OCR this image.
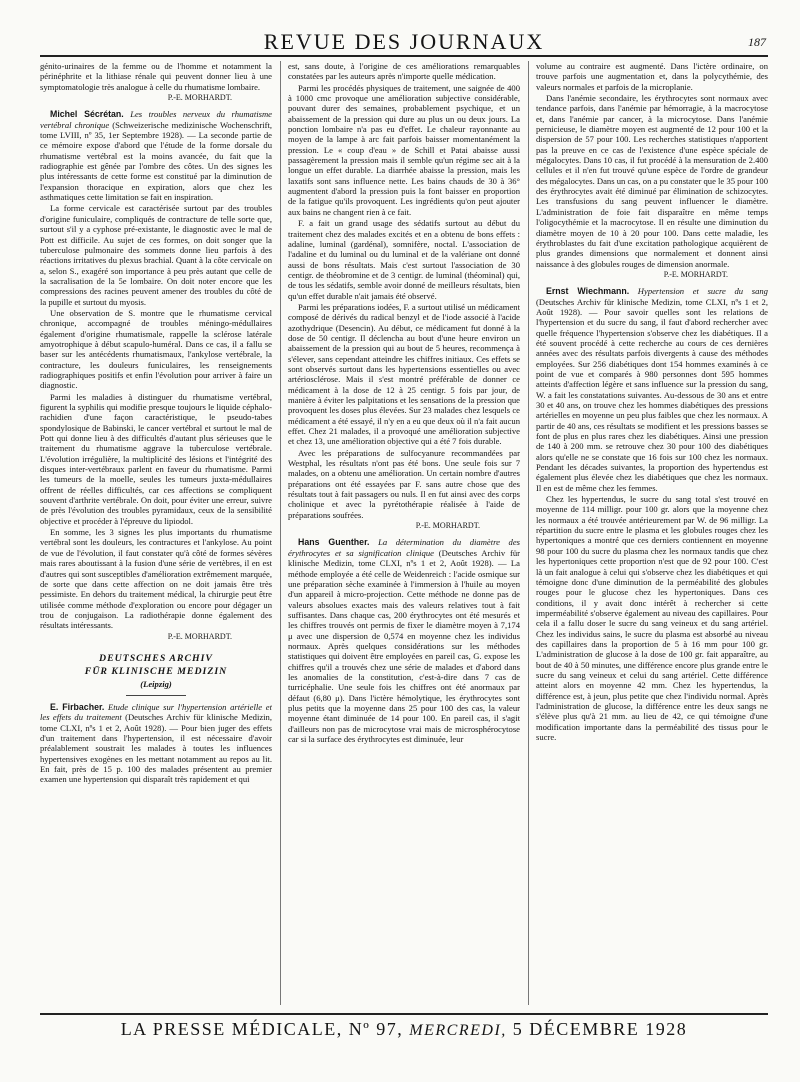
REVUE DES JOURNAUX	187

génito-urinaires de la femme ou de l'homme et notamment la périnéphrite et la lithiase rénale qui peuvent donner lieu à une symptomatologie très analogue à celle du rhumatisme lombaire.

P.-E. MORHARDT.

Michel Sécrétan. Les troubles nerveux du rhumatisme vertébral chronique (Schweizerische medizinische Wochenschrift, tome LVIII, nº 35, 1er Septembre 1928). — La seconde partie de ce mémoire expose d'abord que l'étude de la forme dorsale du rhumatisme vertébral est la moins avancée, du fait que la radiographie est gênée par l'ombre des côtes. Un des signes les plus intéressants de cette forme est constitué par la diminution de l'expansion thoracique en expiration, alors que chez les asthmatiques cette limitation se fait en inspiration.

La forme cervicale est caractérisée surtout par des troubles d'origine funiculaire, compliqués de contracture de telle sorte que, surtout s'il y a cyphose pré-existante, le diagnostic avec le mal de Pott est difficile. Au sujet de ces formes, on doit songer que la tuberculose pulmonaire des sommets donne lieu parfois à des réactions irritatives du plexus brachial. Quant à la côte cervicale on a, selon S., exagéré son importance à peu près autant que celle de la sacralisation de la 5e lombaire. On doit noter encore que les compressions des racines peuvent amener des troubles du côté de la pupille et surtout du myosis.

Une observation de S. montre que le rhumatisme cervical chronique, accompagné de troubles méningo-médullaires également d'origine rhumatismale, rappelle la sclérose latérale amyotrophique à début scapulo-huméral. Dans ce cas, il a fallu se baser sur les antécédents rhumatismaux, l'ankylose vertébrale, la contracture, les douleurs funiculaires, les renseignements radiographiques positifs et enfin l'évolution pour arriver à faire un diagnostic.

Parmi les maladies à distinguer du rhumatisme vertébral, figurent la syphilis qui modifie presque toujours le liquide céphalo-rachidien d'une façon caractéristique, le pseudo-tabes spondylosique de Babinski, le cancer vertébral et surtout le mal de Pott qui donne lieu à des difficultés d'autant plus sérieuses que le traitement du rhumatisme aggrave la tuberculose vertébrale. L'évolution irrégulière, la multiplicité des lésions et l'intégrité des disques inter-vertébraux parlent en faveur du rhumatisme. Parmi les tumeurs de la moelle, seules les tumeurs juxta-médullaires offrent de réelles difficultés, car ces affections se compliquent souvent d'arthrite vertébrale. On doit, pour éviter une erreur, suivre de près l'évolution des troubles pyramidaux, ceux de la sensibilité objective et procéder à l'épreuve du lipiodol.

En somme, les 3 signes les plus importants du rhumatisme vertébral sont les douleurs, les contractures et l'ankylose. Au point de vue de l'évolution, il faut constater qu'à côté de formes sévères mais rares aboutissant à la fusion d'une série de vertèbres, il en est d'autres qui sont susceptibles d'amélioration extrêmement marquée, de sorte que dans cette affection on ne doit jamais être très pessimiste. En dehors du traitement médical, la chirurgie peut être utilisée comme méthode d'exploration ou encore pour dégager un trou de conjugaison. La radiothérapie donne également des résultats intéressants.

P.-E. MORHARDT.

DEUTSCHES ARCHIV
FÜR KLINISCHE MEDIZIN
(Leipzig)

E. Firbacher. Etude clinique sur l'hypertension artérielle et les effets du traitement (Deutsches Archiv für klinische Medizin, tome CLXI, nºs 1 et 2, Août 1928). — Pour bien juger des effets d'un traitement dans l'hypertension, il est nécessaire d'avoir préalablement soustrait les malades à toutes les influences hypertensives exogènes en les mettant notamment au repos au lit. En fait, près de 15 p. 100 des malades présentent au premier examen une hypertension qui disparaît très rapidement et qui

est, sans doute, à l'origine de ces améliorations remarquables constatées par les auteurs après n'importe quelle médication.

Parmi les procédés physiques de traitement, une saignée de 400 à 1000 cmc provoque une amélioration subjective considérable, pouvant durer des semaines, probablement psychique, et un abaissement de la pression qui dure au plus un ou deux jours. La ponction lombaire n'a pas eu d'effet. Le chaleur rayonnante au moyen de la lampe à arc fait parfois baisser momentanément la pression. Le « coup d'eau » de Schill et Patai abaisse aussi passagèrement la pression mais il semble qu'un régime sec ait à la longue un effet durable. La diarrhée abaisse la pression, mais les laxatifs sont sans influence nette. Les bains chauds de 30 à 36° augmentent d'abord la pression puis la font baisser en proportion de la fatigue qu'ils provoquent. Les ingrédients qu'on peut ajouter aux bains ne changent rien à ce fait.

F. a fait un grand usage des sédatifs surtout au début du traitement chez des malades excités et en a obtenu de bons effets : adaline, luminal (gardénal), somnifère, noctal. L'association de l'adaline et du luminal ou du luminal et de la valériane ont donné aussi de bons résultats. Mais c'est surtout l'association de 30 centigr. de théobromine et de 3 centigr. de luminal (théominal) qui, de tous les sédatifs, semble avoir donné de meilleurs résultats, bien qu'un effet durable n'ait jamais été observé.

Parmi les préparations iodées, F. a surtout utilisé un médicament composé de dérivés du radical benzyl et de l'iode associé à l'acide azothydrique (Desencin). Au début, ce médicament fut donné à la dose de 50 centigr. Il déclencha au bout d'une heure environ un abaissement de la pression qui au bout de 5 heures, recommença à s'élever, sans cependant atteindre les chiffres initiaux. Ces effets se sont observés surtout dans les hypertensions essentielles ou avec artériosclérose. Mais il s'est montré préférable de donner ce médicament à la dose de 12 à 25 centigr. 5 fois par jour, de manière à éviter les palpitations et les sensations de la pression que provoquent les doses plus élevées. Sur 23 malades chez lesquels ce médicament a été essayé, il n'y en a eu que deux où il n'a fait aucun effet. Chez 21 malades, il a provoqué une amélioration subjective et chez 13, une amélioration objective qui a été 7 fois durable.

Avec les préparations de sulfocyanure recommandées par Westphal, les résultats n'ont pas été bons. Une seule fois sur 7 malades, on a obtenu une amélioration. Un certain nombre d'autres préparations ont été essayées par F. sans autre chose que des résultats tout à fait passagers ou nuls. Il en fut ainsi avec des corps cholinique et avec la pyrétothérapie réalisée à l'aide de préparations soufrées.

P.-E. MORHARDT.

Hans Guenther. La détermination du diamètre des érythrocytes et sa signification clinique (Deutsches Archiv für klinische Medizin, tome CLXI, nºs 1 et 2, Août 1928). — La méthode employée a été celle de Weidenreich : l'acide osmique sur une préparation sèche examinée à l'immersion à l'huile au moyen d'un appareil à micro-projection. Cette méthode ne donne pas de valeurs absolues exactes mais des valeurs relatives tout à fait suffisantes. Dans chaque cas, 200 érythrocytes ont été mesurés et les chiffres trouvés ont permis de fixer le diamètre moyen à 7,174 μ avec une dispersion de 0,574 en moyenne chez les individus normaux. Après quelques considérations sur les méthodes statistiques qui doivent être employées en pareil cas, G. expose les chiffres qu'il a trouvés chez une série de malades et d'abord dans les anomalies de la constitution, c'est-à-dire dans 7 cas de turricéphalie. Une seule fois les chiffres ont été anormaux par défaut (6,80 μ). Dans l'ictère hémolytique, les érythrocytes sont plus petits que la moyenne dans 25 pour 100 des cas, la valeur moyenne étant diminuée de 14 pour 100. En pareil cas, il s'agit d'ailleurs non pas de microcytose vrai mais de microsphérocytose car si la surface des érythrocytes est diminuée, leur

volume au contraire est augmenté. Dans l'ictère ordinaire, on trouve parfois une augmentation et, dans la polycythémie, des valeurs normales et parfois de la microplanie.

Dans l'anémie secondaire, les érythrocytes sont normaux avec tendance parfois, dans l'anémie par hémorragie, à la macrocytose et, dans l'anémie par cancer, à la microcytose. Dans l'anémie pernicieuse, le diamètre moyen est augmenté de 12 pour 100 et la dispersion de 57 pour 100. Les recherches statistiques n'apportent pas la preuve en ce cas de l'existence d'une espèce spéciale de mégalocytes. Dans 10 cas, il fut procédé à la mensuration de 2.400 cellules et il n'en fut trouvé qu'une espèce de l'ordre de grandeur des mégalocytes. Dans un cas, on a pu constater que le 35 pour 100 des érythrocytes avait été diminué par élimination de schizocytes. Les transfusions du sang peuvent influencer le diamètre. L'administration de foie fait disparaître en même temps l'oligocythémie et la macrocytose. Il en résulte une diminution du diamètre moyen de 10 à 20 pour 100. Dans cette maladie, les érythroblastes du fait d'une excitation pathologique acquièrent de plus grandes dimensions que normalement et donnent ainsi naissance à des globules rouges de dimension anormale.

P.-E. MORHARDT.

Ernst Wiechmann. Hypertension et sucre du sang (Deutsches Archiv für klinische Medizin, tome CLXI, nºs 1 et 2, Août 1928). — Pour savoir quelles sont les relations de l'hypertension et du sucre du sang, il faut d'abord rechercher avec quelle fréquence l'hypertension s'observe chez les diabétiques. Il a été souvent procédé à cette recherche au cours de ces dernières années avec des résultats parfois divergents à cause des méthodes employées. Sur 256 diabétiques dont 154 hommes examinés à ce point de vue et comparés à 980 personnes dont 595 hommes atteints d'affection légère et sans influence sur la pression du sang, W. a fait les constatations suivantes. Au-dessous de 30 ans et entre 30 et 40 ans, on trouve chez les hommes diabétiques des pressions artérielles en moyenne un peu plus faibles que chez les normaux. A partir de 40 ans, ces résultats se modifient et les pressions basses se font de plus en plus rares chez les diabétiques. Ainsi une pression de 140 à 200 mm. se retrouve chez 30 pour 100 des diabétiques alors qu'elle ne se constate que 16 fois sur 100 chez les normaux. Pendant les décades suivantes, la proportion des hypertendus est également plus élevée chez les diabétiques que chez les normaux. Il en est de même chez les femmes.

Chez les hypertendus, le sucre du sang total s'est trouvé en moyenne de 114 milligr. pour 100 gr. alors que la moyenne chez les normaux a été trouvée antérieurement par W. de 96 milligr. La répartition du sucre entre le plasma et les globules rouges chez les hypertoniques a montré que ces derniers contiennent en moyenne 98 pour 100 du sucre du plasma chez les normaux tandis que chez les hypertoniques cette proportion n'est que de 92 pour 100. C'est là un fait analogue à celui qui s'observe chez les diabétiques et qui témoigne donc d'une diminution de la perméabilité des globules rouges pour le glucose chez les hypertoniques. Dans ces conditions, il y avait donc intérêt à rechercher si cette imperméabilité s'observe également au niveau des capillaires. Pour cela il a fallu doser le sucre du sang veineux et du sang artériel. Chez les individus sains, le sucre du plasma est absorbé au niveau des capillaires dans la proportion de 5 à 16 mm pour 100 gr. L'administration de glucose à la dose de 100 gr. fait apparaître, au bout de 40 à 50 minutes, une différence encore plus grande entre le sucre du sang veineux et celui du sang artériel. Cette différence atteint alors en moyenne 42 mm. Chez les hypertendus, la différence est, à jeun, plus petite que chez l'individu normal. Après l'administration de glucose, la différence entre les deux sangs ne s'élève plus qu'à 21 mm. au lieu de 42, ce qui témoigne d'une modification importante dans la perméabilité des tissus pour le sucre.

LA PRESSE MÉDICALE, Nº 97, MERCREDI, 5 DÉCEMBRE 1928
